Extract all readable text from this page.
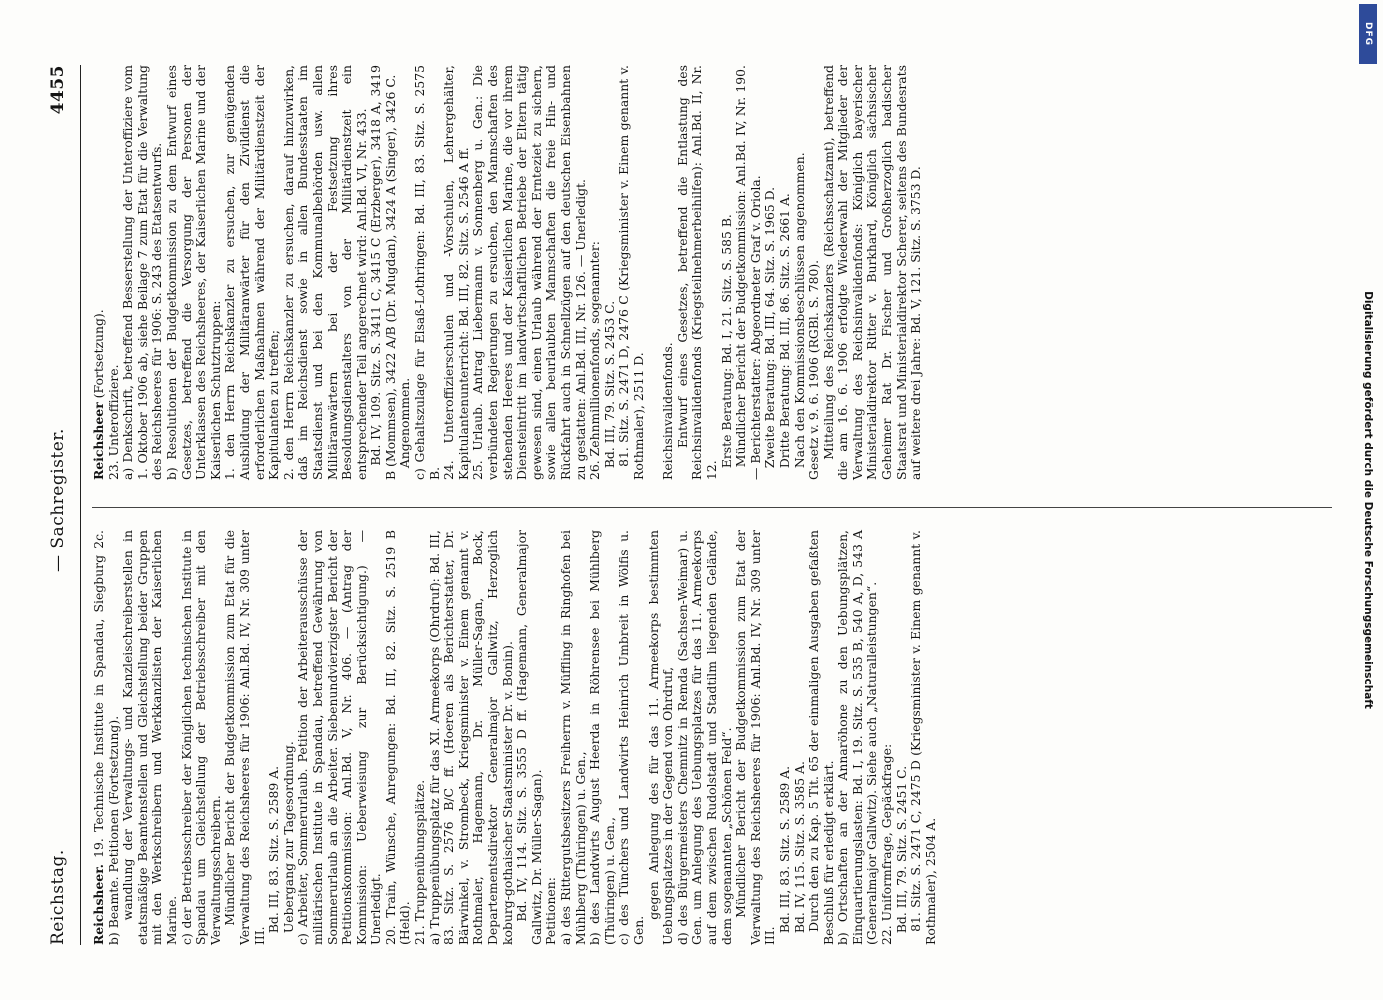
Reichstag.
— Sachregister.
4455
Reichsheer. 19. Technische Institute in Spandau, Siegburg 2c. b) Beamte. Petitionen (Fortsetzung).
wandlung der Verwaltungs- und Kanzleischreiberstellen in etatsmäßige Beamtenstellen und Gleichstellung beider Gruppen mit den Werkschreibern und Werkkanzlisten der Kaiserlichen Marine.
c) der Betriebsschreiber der Königlichen technischen Institute in Spandau um Gleichstellung der Betriebsschreiber mit den Verwaltungsschreibern.
Mündlicher Bericht der Budgetkommission zum Etat für die Verwaltung des Reichsheeres für 1906: Anl.Bd. IV, Nr. 309 unter III.
Bd. III, 83. Sitz. S. 2589 A.
Uebergang zur Tagesordnung.
c) Arbeiter, Sommerurlaub. Petition der Arbeiterausschüsse der militärischen Institute in Spandau, betreffend Gewährung von Sommerurlaub an die Arbeiter. Siebenundvierzigster Bericht der Petitionskommission: Anl.Bd. V, Nr. 406. — (Antrag der Kommission: Ueberweisung zur Berücksichtigung.) — Unerledigt.
20. Train, Wünsche, Anregungen: Bd. III, 82. Sitz. S. 2519 B (Held).
21. Truppenübungsplätze.
a) Truppenübungsplatz für das XI. Armeekorps (Ohrdruf): Bd. III, 83. Sitz. S. 2576 B/C ff. (Hoeren als Berichterstatter, Dr. Bärwinkel, v. Strombeck, Kriegsminister v. Einem genannt v. Rothmaler, Hagemann, Dr. Müller-Sagan, Bock, Departementsdirektor Generalmajor Gallwitz, Herzoglich koburg-gothaischer Staatsminister Dr. v. Bonin).
Bd. IV, 114. Sitz. S. 3555 D ff. (Hagemann, Generalmajor Gallwitz, Dr. Müller-Sagan).
Petitionen:
a) des Rittergutsbesitzers Freiherrn v. Müffling in Ringhofen bei Mühlberg (Thüringen) u. Gen.,
b) des Landwirts August Heerda in Röhrensee bei Mühlberg (Thüringen) u. Gen.,
c) des Tünchers und Landwirts Heinrich Umbreit in Wölfis u. Gen.
gegen Anlegung des für das 11. Armeekorps bestimmten Uebungsplatzes in der Gegend von Ohrdruf,
d) des Bürgermeisters Chemnitz in Remda (Sachsen-Weimar) u. Gen. um Anlegung des Uebungsplatzes für das 11. Armeekorps auf dem zwischen Rudolstadt und Stadtilm liegenden Gelände, dem sogenannten „Schönen Feld“.
Mündlicher Bericht der Budgetkommission zum Etat der Verwaltung des Reichsheeres für 1906: Anl.Bd. IV, Nr. 309 unter III.
Bd. III, 83. Sitz. S. 2589 A.
Bd. IV, 115. Sitz. S. 3585 A.
Durch den zu Kap. 5 Tit. 65 der einmaligen Ausgaben gefaßten Beschluß für erledigt erklärt.
b) Ortschaften an der Annaröhone zu den Uebungsplätzen, Einquartierungslasten: Bd. I, 19. Sitz. S. 535 B, 540 A, D, 543 A (Generalmajor Gallwitz). Siehe auch „Naturalleistungen“.
22. Uniformfrage, Gepäckfrage:
Bd. III, 79. Sitz. S. 2451 C.
81. Sitz. S. 2471 C, 2475 D (Kriegsminister v. Einem genannt v. Rothmaler), 2504 A.
Reichsheer (Fortsetzung).
23. Unteroffiziere.
a) Denkschrift, betreffend Besserstellung der Unteroffiziere vom 1. Oktober 1906 ab, siehe Beilage 7 zum Etat für die Verwaltung des Reichsheeres für 1906: S. 243 des Etatsentwurfs.
b) Resolutionen der Budgetkommission zu dem Entwurf eines Gesetzes, betreffend die Versorgung der Personen der Unterklassen des Reichsheeres, der Kaiserlichen Marine und der Kaiserlichen Schutztruppen:
1. den Herrn Reichskanzler zu ersuchen, zur genügenden Ausbildung der Militäranwärter für den Zivildienst die erforderlichen Maßnahmen während der Militärdienstzeit der Kapitulanten zu treffen;
2. den Herrn Reichskanzler zu ersuchen, darauf hinzuwirken, daß im Reichsdienst sowie in allen Bundesstaaten im Staatsdienst und bei den Kommunalbehörden usw. allen Militäranwärtern bei der Festsetzung ihres Besoldungsdienstalters von der Militärdienstzeit ein entsprechender Teil angerechnet wird: Anl.Bd. VI, Nr. 433.
Bd. IV, 109. Sitz. S. 3411 C, 3415 C (Erzberger), 3418 A, 3419 B (Mommsen), 3422 A/B (Dr. Mugdan), 3424 A (Singer), 3426 C.
Angenommen.
c) Gehaltszulage für Elsaß-Lothringen: Bd. III, 83. Sitz. S. 2575 B.
24. Unteroffizierschulen und -Vorschulen, Lehrergehälter, Kapitulantenunterricht: Bd. III, 82. Sitz. S. 2546 A ff.
25. Urlaub. Antrag Liebermann v. Sonnenberg u. Gen.: Die verbündeten Regierungen zu ersuchen, den Mannschaften des stehenden Heeres und der Kaiserlichen Marine, die vor ihrem Diensteintritt im landwirtschaftlichen Betriebe der Eltern tätig gewesen sind, einen Urlaub während der Ernteziet zu sichern, sowie allen beurlaubten Mannschaften die freie Hin- und Rückfahrt auch in Schnellzügen auf den deutschen Eisenbahnen zu gestatten: Anl.Bd. III, Nr. 126. — Unerledigt.
26. Zehnmillionenfonds, sogenannter:
Bd. III, 79. Sitz. S. 2453 C.
81. Sitz. S. 2471 D, 2476 C (Kriegsminister v. Einem genannt v. Rothmaler), 2511 D.

Reichsinvalidenfonds.
Entwurf eines Gesetzes, betreffend die Entlastung des Reichsinvalidenfonds (Kriegsteilnehmerbeihilfen): Anl.Bd. II, Nr. 12.
Erste Beratung: Bd. I, 21. Sitz. S. 585 B.
Mündlicher Bericht der Budgetkommission: Anl.Bd. IV, Nr. 190. — Berichterstatter: Abgeordneter Graf v. Oriola.
Zweite Beratung: Bd. III, 64. Sitz. S. 1965 D.
Dritte Beratung: Bd. III, 86. Sitz. S. 2661 A.
Nach den Kommissionsbeschlüssen angenommen.
Gesetz v. 9. 6. 1906 (RGBl. S. 780).
Mitteilung des Reichskanzlers (Reichsschatzamt), betreffend die am 16. 6. 1906 erfolgte Wiederwahl der Mitglieder der Verwaltung des Reichsinvalidenfonds: Königlich bayerischer Ministerialdirektor Ritter v. Burkhard, Königlich sächsischer Geheimer Rat Dr. Fischer und Großherzoglich badischer Staatsrat und Ministerialdirektor Scherer, seitens des Bundesrats auf weitere drei Jahre: Bd. V, 121. Sitz. S. 3753 D.
DFG
Digitalisierung gefördert durch die Deutsche Forschungsgemeinschaft
